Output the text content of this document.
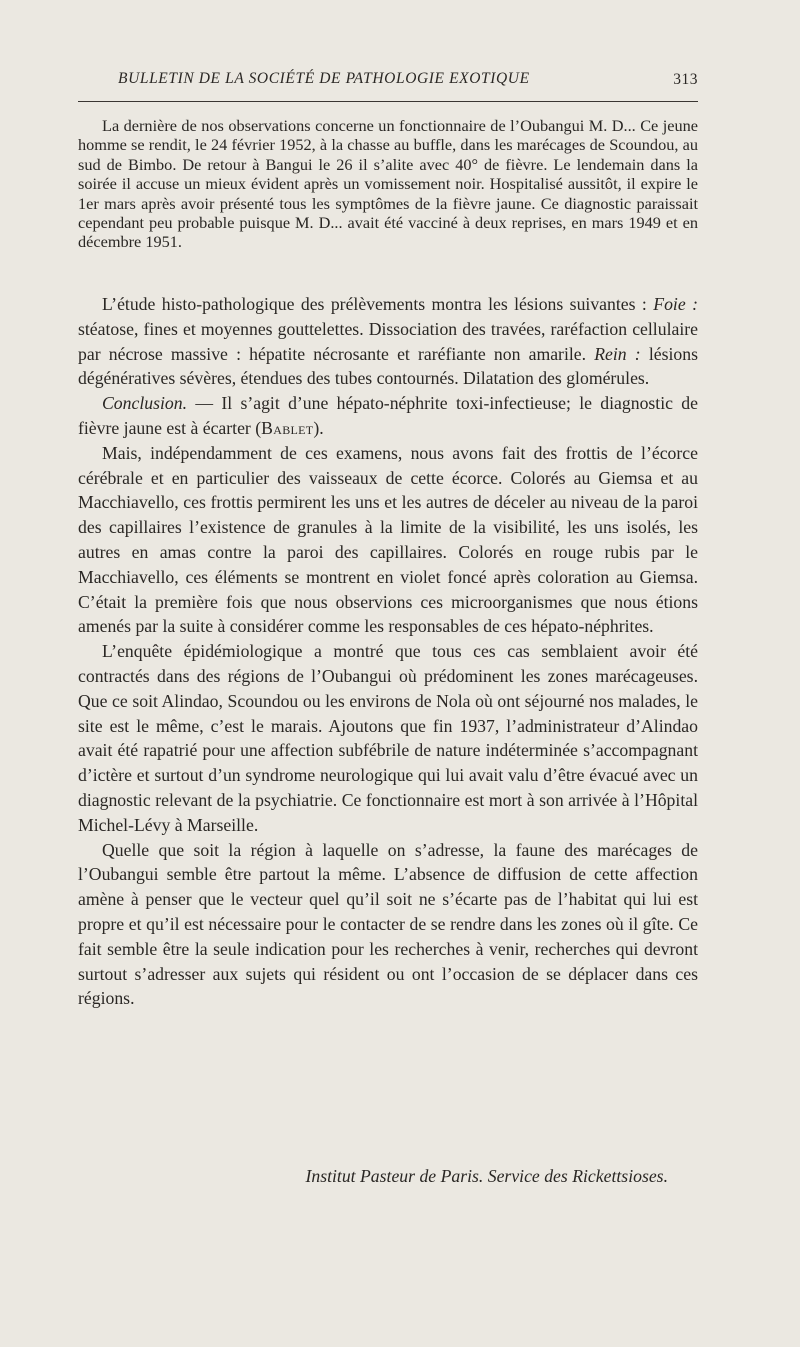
BULLETIN DE LA SOCIÉTÉ DE PATHOLOGIE EXOTIQUE	313

La dernière de nos observations concerne un fonctionnaire de l’Oubangui M. D... Ce jeune homme se rendit, le 24 février 1952, à la chasse au buffle, dans les marécages de Scoundou, au sud de Bimbo. De retour à Bangui le 26 il s’alite avec 40° de fièvre. Le lendemain dans la soirée il accuse un mieux évident après un vomissement noir. Hospitalisé aussitôt, il expire le 1er mars après avoir présenté tous les symptômes de la fièvre jaune. Ce diagnostic paraissait cependant peu probable puisque M. D... avait été vacciné à deux reprises, en mars 1949 et en décembre 1951.

L’étude histo-pathologique des prélèvements montra les lésions suivantes : Foie : stéatose, fines et moyennes gouttelettes. Dissociation des travées, raréfaction cellulaire par nécrose massive : hépatite nécrosante et raréfiante non amarile. Rein : lésions dégénératives sévères, étendues des tubes contournés. Dilatation des glomérules.

Conclusion. — Il s’agit d’une hépato-néphrite toxi-infectieuse; le diagnostic de fièvre jaune est à écarter (Bablet).

Mais, indépendamment de ces examens, nous avons fait des frottis de l’écorce cérébrale et en particulier des vaisseaux de cette écorce. Colorés au Giemsa et au Macchiavello, ces frottis permirent les uns et les autres de déceler au niveau de la paroi des capillaires l’existence de granules à la limite de la visibilité, les uns isolés, les autres en amas contre la paroi des capillaires. Colorés en rouge rubis par le Macchiavello, ces éléments se montrent en violet foncé après coloration au Giemsa. C’était la première fois que nous observions ces microorganismes que nous étions amenés par la suite à considérer comme les responsables de ces hépato-néphrites.

L’enquête épidémiologique a montré que tous ces cas semblaient avoir été contractés dans des régions de l’Oubangui où prédominent les zones marécageuses. Que ce soit Alindao, Scoundou ou les environs de Nola où ont séjourné nos malades, le site est le même, c’est le marais. Ajoutons que fin 1937, l’administrateur d’Alindao avait été rapatrié pour une affection subfébrile de nature indéterminée s’accompagnant d’ictère et surtout d’un syndrome neurologique qui lui avait valu d’être évacué avec un diagnostic relevant de la psychiatrie. Ce fonctionnaire est mort à son arrivée à l’Hôpital Michel-Lévy à Marseille.

Quelle que soit la région à laquelle on s’adresse, la faune des marécages de l’Oubangui semble être partout la même. L’absence de diffusion de cette affection amène à penser que le vecteur quel qu’il soit ne s’écarte pas de l’habitat qui lui est propre et qu’il est nécessaire pour le contacter de se rendre dans les zones où il gîte. Ce fait semble être la seule indication pour les recherches à venir, recherches qui devront surtout s’adresser aux sujets qui résident ou ont l’occasion de se déplacer dans ces régions.

Institut Pasteur de Paris. Service des Rickettsioses.
